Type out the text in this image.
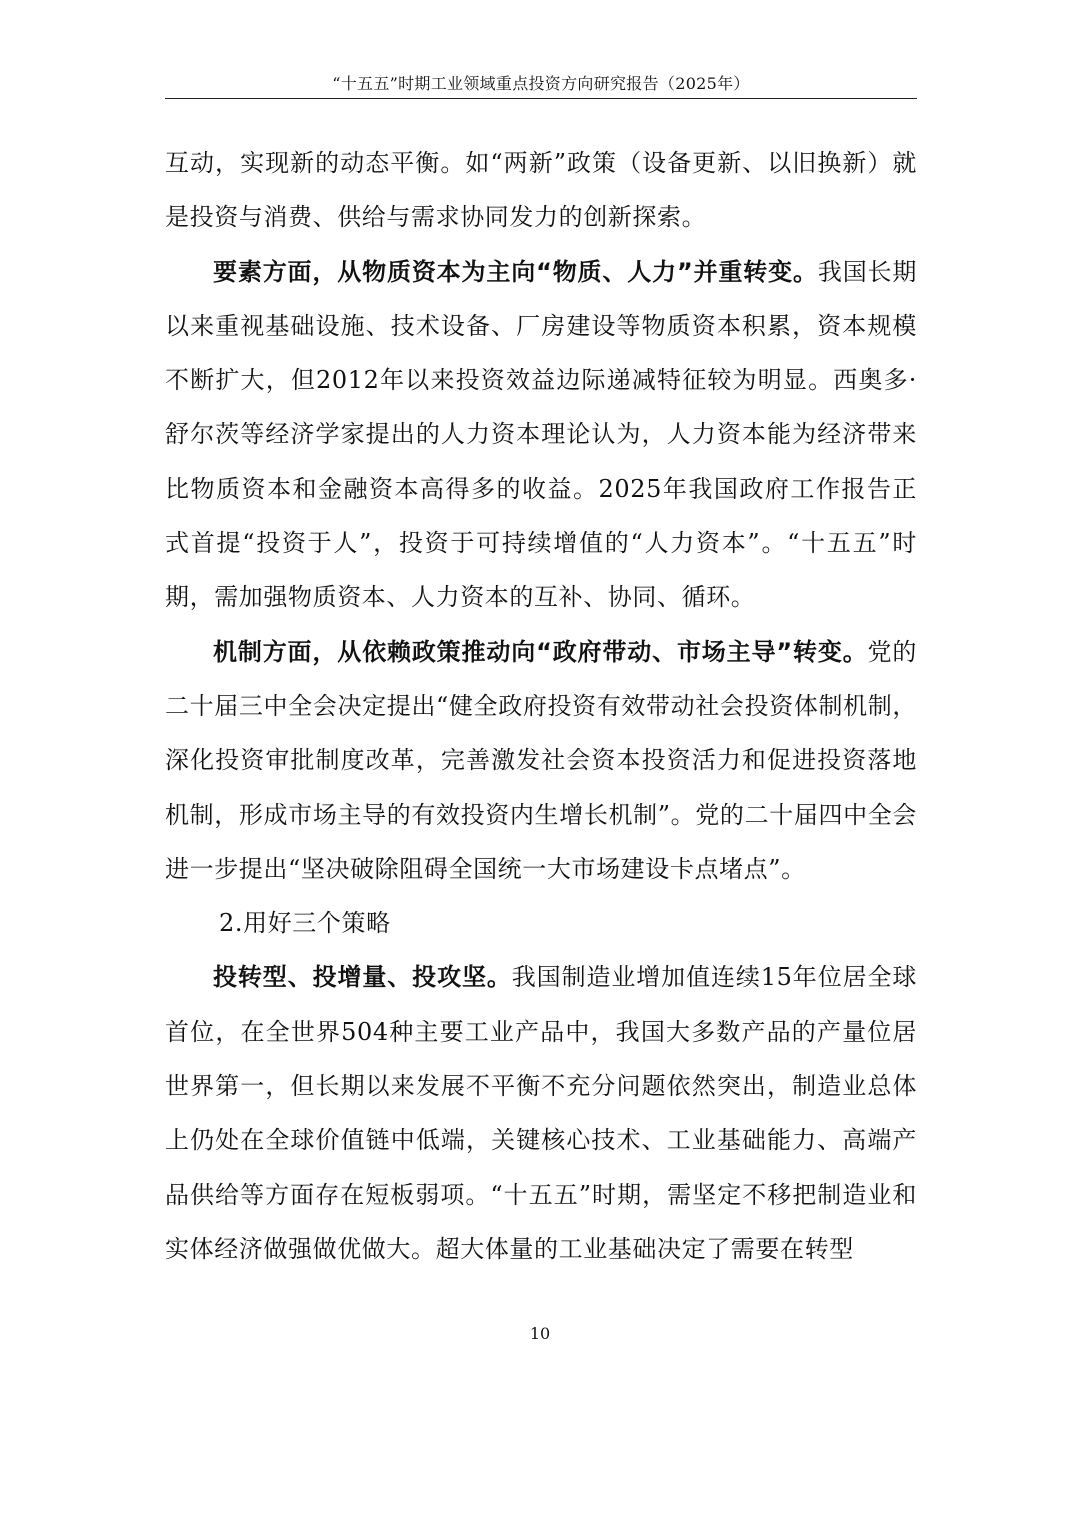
“十五五”时期工业领域重点投资方向研究报告（2025年）

互动，实现新的动态平衡。如“两新”政策（设备更新、以旧换新）就是投资与消费、供给与需求协同发力的创新探索。

要素方面，从物质资本为主向“物质、人力”并重转变。我国长期以来重视基础设施、技术设备、厂房建设等物质资本积累，资本规模不断扩大，但2012年以来投资效益边际递减特征较为明显。西奥多·舒尔茨等经济学家提出的人力资本理论认为，人力资本能为经济带来比物质资本和金融资本高得多的收益。2025年我国政府工作报告正式首提“投资于人”，投资于可持续增值的“人力资本”。“十五五”时期，需加强物质资本、人力资本的互补、协同、循环。

机制方面，从依赖政策推动向“政府带动、市场主导”转变。党的二十届三中全会决定提出“健全政府投资有效带动社会投资体制机制，深化投资审批制度改革，完善激发社会资本投资活力和促进投资落地机制，形成市场主导的有效投资内生增长机制”。党的二十届四中全会进一步提出“坚决破除阻碍全国统一大市场建设卡点堵点”。

2.用好三个策略

投转型、投增量、投攻坚。我国制造业增加值连续15年位居全球首位，在全世界504种主要工业产品中，我国大多数产品的产量位居世界第一，但长期以来发展不平衡不充分问题依然突出，制造业总体上仍处在全球价值链中低端，关键核心技术、工业基础能力、高端产品供给等方面存在短板弱项。“十五五”时期，需坚定不移把制造业和实体经济做强做优做大。超大体量的工业基础决定了需要在转型

10
